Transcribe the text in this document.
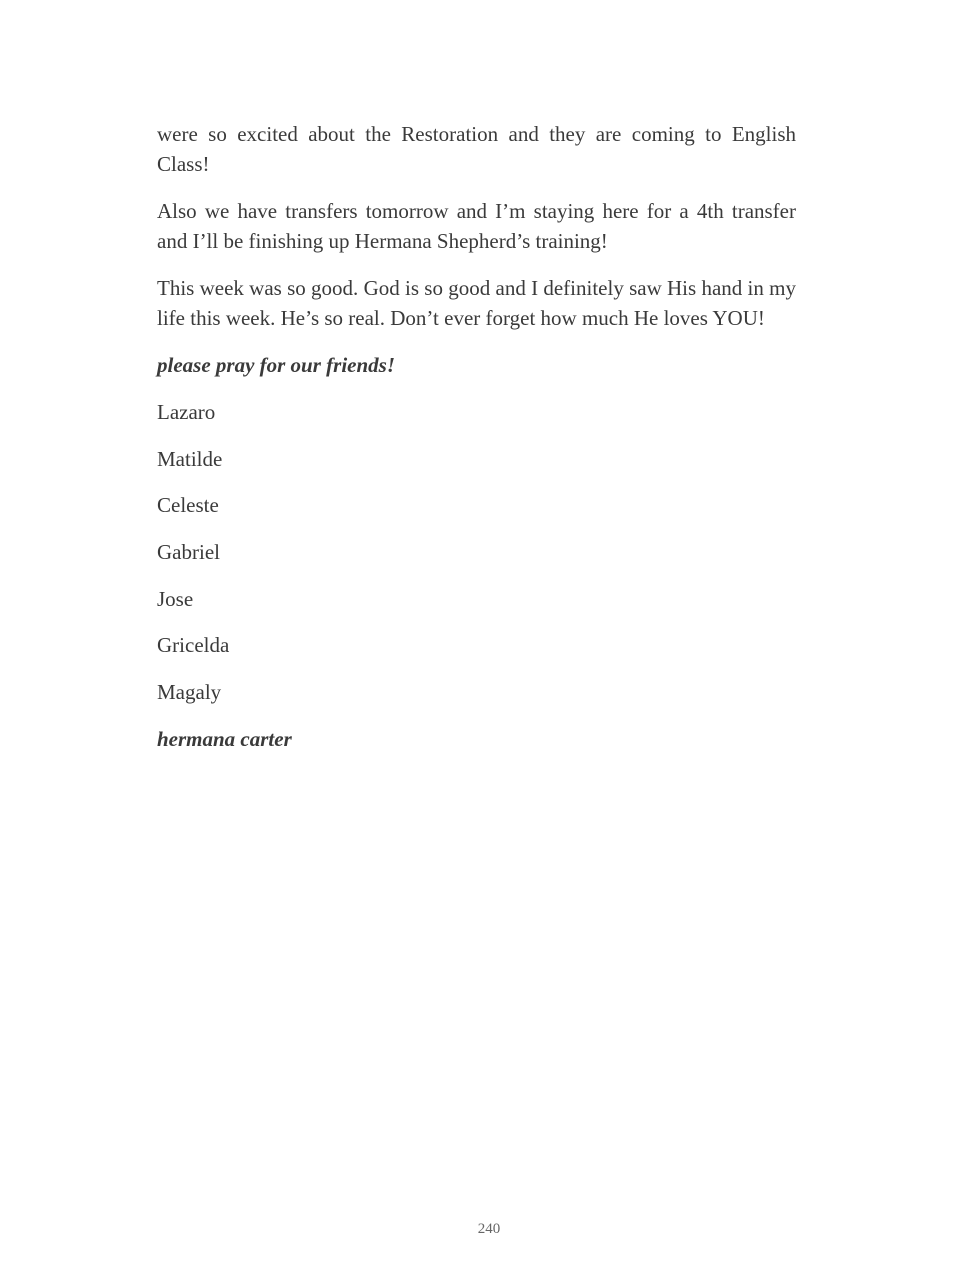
were so excited about the Restoration and they are coming to English Class!

Also we have transfers tomorrow and I’m staying here for a 4th transfer and I’ll be finishing up Hermana Shepherd’s training!

This week was so good. God is so good and I definitely saw His hand in my life this week. He’s so real. Don’t ever forget how much He loves YOU!

please pray for our friends!

Lazaro
Matilde
Celeste
Gabriel
Jose
Gricelda
Magaly

hermana carter

240
